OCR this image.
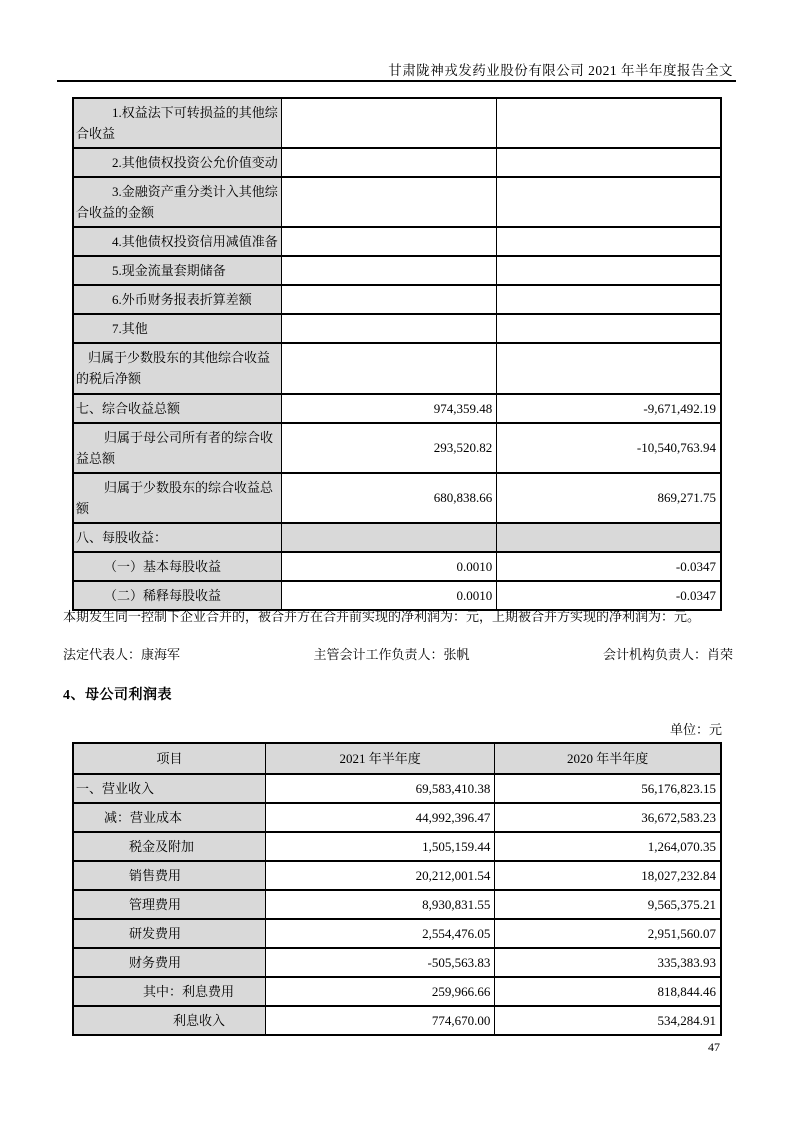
甘肃陇神戎发药业股份有限公司 2021 年半年度报告全文
1.权益法下可转损益的其他综合收益		
2.其他债权投资公允价值变动		
3.金融资产重分类计入其他综合收益的金额		
4.其他债权投资信用减值准备		
5.现金流量套期储备		
6.外币财务报表折算差额		
7.其他		
归属于少数股东的其他综合收益的税后净额		
七、综合收益总额	974,359.48	-9,671,492.19
归属于母公司所有者的综合收益总额	293,520.82	-10,540,763.94
归属于少数股东的综合收益总额	680,838.66	869,271.75
八、每股收益：		
（一）基本每股收益	0.0010	-0.0347
（二）稀释每股收益	0.0010	-0.0347
本期发生同一控制下企业合并的，被合并方在合并前实现的净利润为：元，上期被合并方实现的净利润为：元。
法定代表人：康海军	主管会计工作负责人：张帆	会计机构负责人：肖荣
4、母公司利润表
单位：元
项目	2021 年半年度	2020 年半年度
一、营业收入	69,583,410.38	56,176,823.15
减：营业成本	44,992,396.47	36,672,583.23
税金及附加	1,505,159.44	1,264,070.35
销售费用	20,212,001.54	18,027,232.84
管理费用	8,930,831.55	9,565,375.21
研发费用	2,554,476.05	2,951,560.07
财务费用	-505,563.83	335,383.93
其中：利息费用	259,966.66	818,844.46
利息收入	774,670.00	534,284.91
47
